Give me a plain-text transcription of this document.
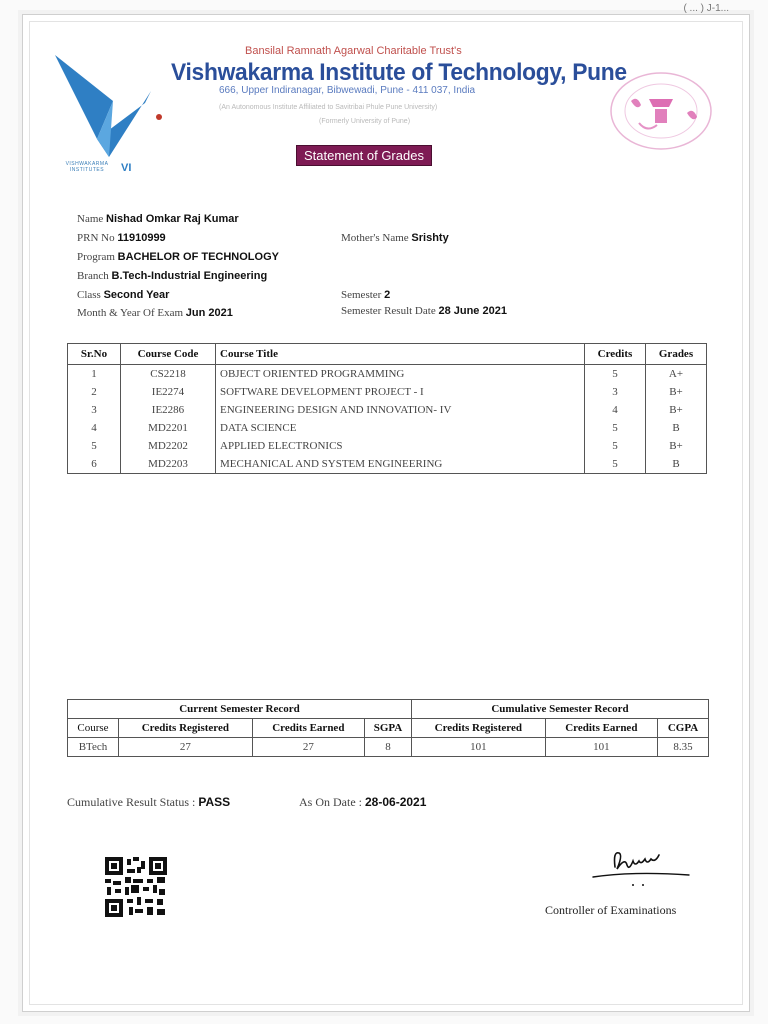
( ... ) J-1...
VI
VISHWAKARMA INSTITUTES
Bansilal Ramnath Agarwal Charitable Trust's
Vishwakarma Institute of Technology, Pune
666, Upper Indiranagar, Bibwewadi, Pune - 411 037, India
(An Autonomous Institute Affiliated to Savitribai Phule Pune University)
(Formerly University of Pune)
Statement of Grades
Name Nishad Omkar Raj Kumar
PRN No 11910999	Mother's Name Srishty
Program BACHELOR OF TECHNOLOGY
Branch B.Tech-Industrial Engineering
Class Second Year	Semester 2
Month & Year Of Exam Jun 2021	Semester Result Date 28 June 2021
Sr.No	Course Code	Course Title	Credits	Grades
1	CS2218	OBJECT ORIENTED PROGRAMMING	5	A+
2	IE2274	SOFTWARE DEVELOPMENT PROJECT - I	3	B+
3	IE2286	ENGINEERING DESIGN AND INNOVATION- IV	4	B+
4	MD2201	DATA SCIENCE	5	B
5	MD2202	APPLIED ELECTRONICS	5	B+
6	MD2203	MECHANICAL AND SYSTEM ENGINEERING	5	B
Current Semester Record				Cumulative Semester Record		
Course	Credits Registered	Credits Earned	SGPA	Credits Registered	Credits Earned	CGPA
BTech	27	27	8	101	101	8.35
Cumulative Result Status : PASS	As On Date : 28-06-2021
Controller of Examinations
